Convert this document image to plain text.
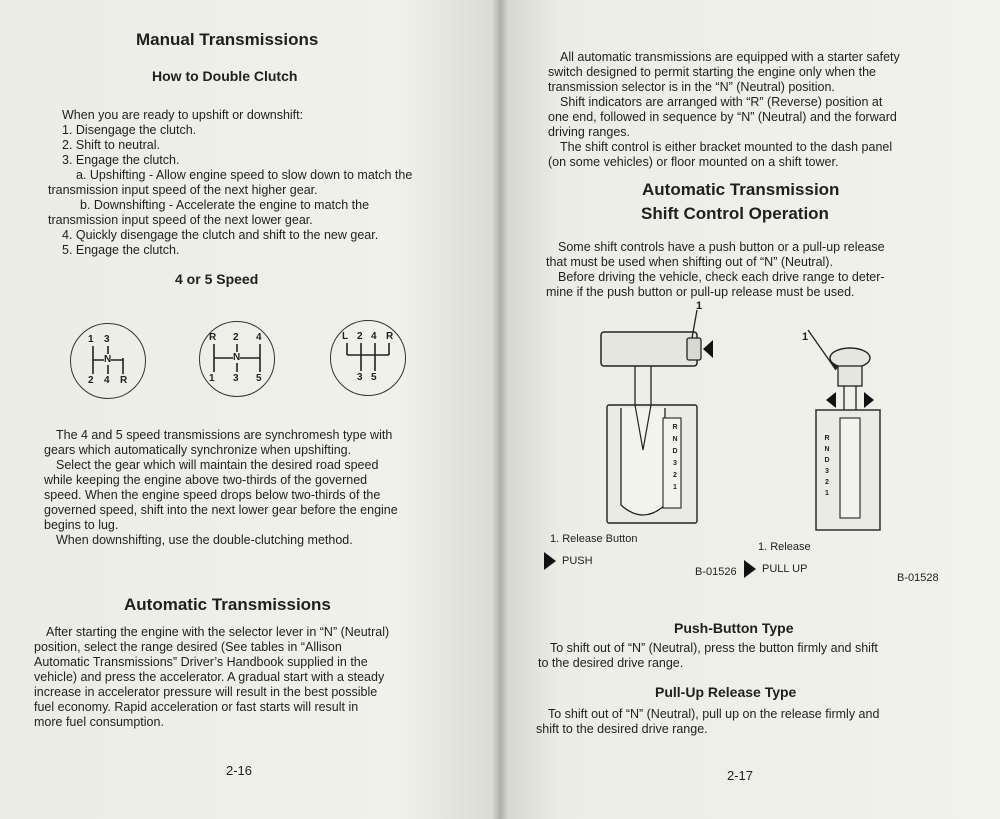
Manual Transmissions
How to Double Clutch

When you are ready to upshift or downshift:

1. Disengage the clutch.

2. Shift to neutral.

3. Engage the clutch.

a. Upshifting - Allow engine speed to slow down to match the

transmission input speed of the next higher gear.

b. Downshifting - Accelerate the engine to match the

transmission input speed of the next lower gear.

4. Quickly disengage the clutch and shift to the new gear.

5. Engage the clutch.

4 or 5 Speed
1 3
N
2 4 R
R 2 4
N
1 3 5
L 2 4 R
3 5

The 4 and 5 speed transmissions are synchromesh type with

gears which automatically synchronize when upshifting.

Select the gear which will maintain the desired road speed

while keeping the engine above two-thirds of the governed

speed. When the engine speed drops below two-thirds of the

governed speed, shift into the next lower gear before the engine

begins to lug.

When downshifting, use the double-clutching method.

Automatic Transmissions

After starting the engine with the selector lever in “N” (Neutral)

position, select the range desired (See tables in “Allison

Automatic Transmissions” Driver’s Handbook supplied in the

vehicle) and press the accelerator. A gradual start with a steady

increase in accelerator pressure will result in the best possible

fuel economy. Rapid acceleration or fast starts will result in

more fuel consumption.

2-16

All automatic transmissions are equipped with a starter safety

switch designed to permit starting the engine only when the

transmission selector is in the “N” (Neutral) position.

Shift indicators are arranged with “R” (Reverse) position at

one end, followed in sequence by “N” (Neutral) and the forward

driving ranges.

The shift control is either bracket mounted to the dash panel

(on some vehicles) or floor mounted on a shift tower.

Automatic Transmission
Shift Control Operation

Some shift controls have a push button or a pull-up release

that must be used when shifting out of “N” (Neutral).

Before driving the vehicle, check each drive range to deter-

mine if the push button or pull-up release must be used.

1
R
N
D
3
2
1
R
N
D
3
2
1
1
1. Release Button
PUSH
B-01526
1. Release
PULL UP
B-01528
Push-Button Type

To shift out of “N” (Neutral), press the button firmly and shift

to the desired drive range.

Pull-Up Release Type

To shift out of “N” (Neutral), pull up on the release firmly and

shift to the desired drive range.

2-17
